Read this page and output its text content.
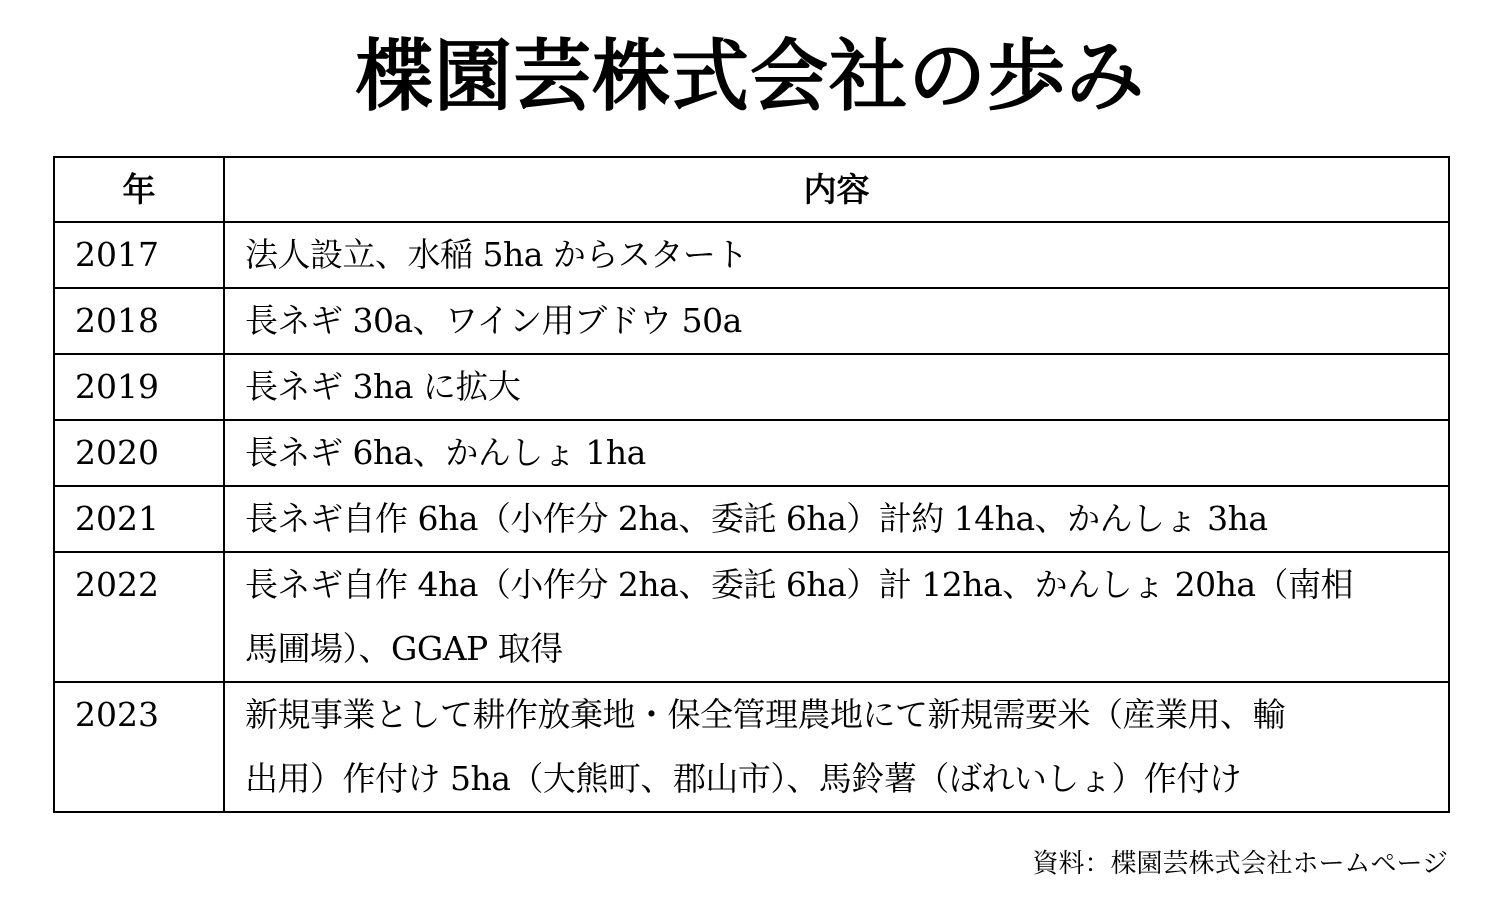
楪園芸株式会社の歩み
年	内容
2017	法人設立、水稲 5ha からスタート

2018	長ネギ 30a、ワイン用ブドウ 50a

2019	長ネギ 3ha に拡大

2020	長ネギ 6ha、かんしょ 1ha

2021	長ネギ自作 6ha（小作分 2ha、委託 6ha）計約 14ha、かんしょ 3ha

2022	長ネギ自作 4ha（小作分 2ha、委託 6ha）計 12ha、かんしょ 20ha（南相
馬圃場）、GGAP 取得

2023	新規事業として耕作放棄地・保全管理農地にて新規需要米（産業用、輸
出用）作付け 5ha（大熊町、郡山市）、馬鈴薯（ばれいしょ）作付け
資料：楪園芸株式会社ホームページ
